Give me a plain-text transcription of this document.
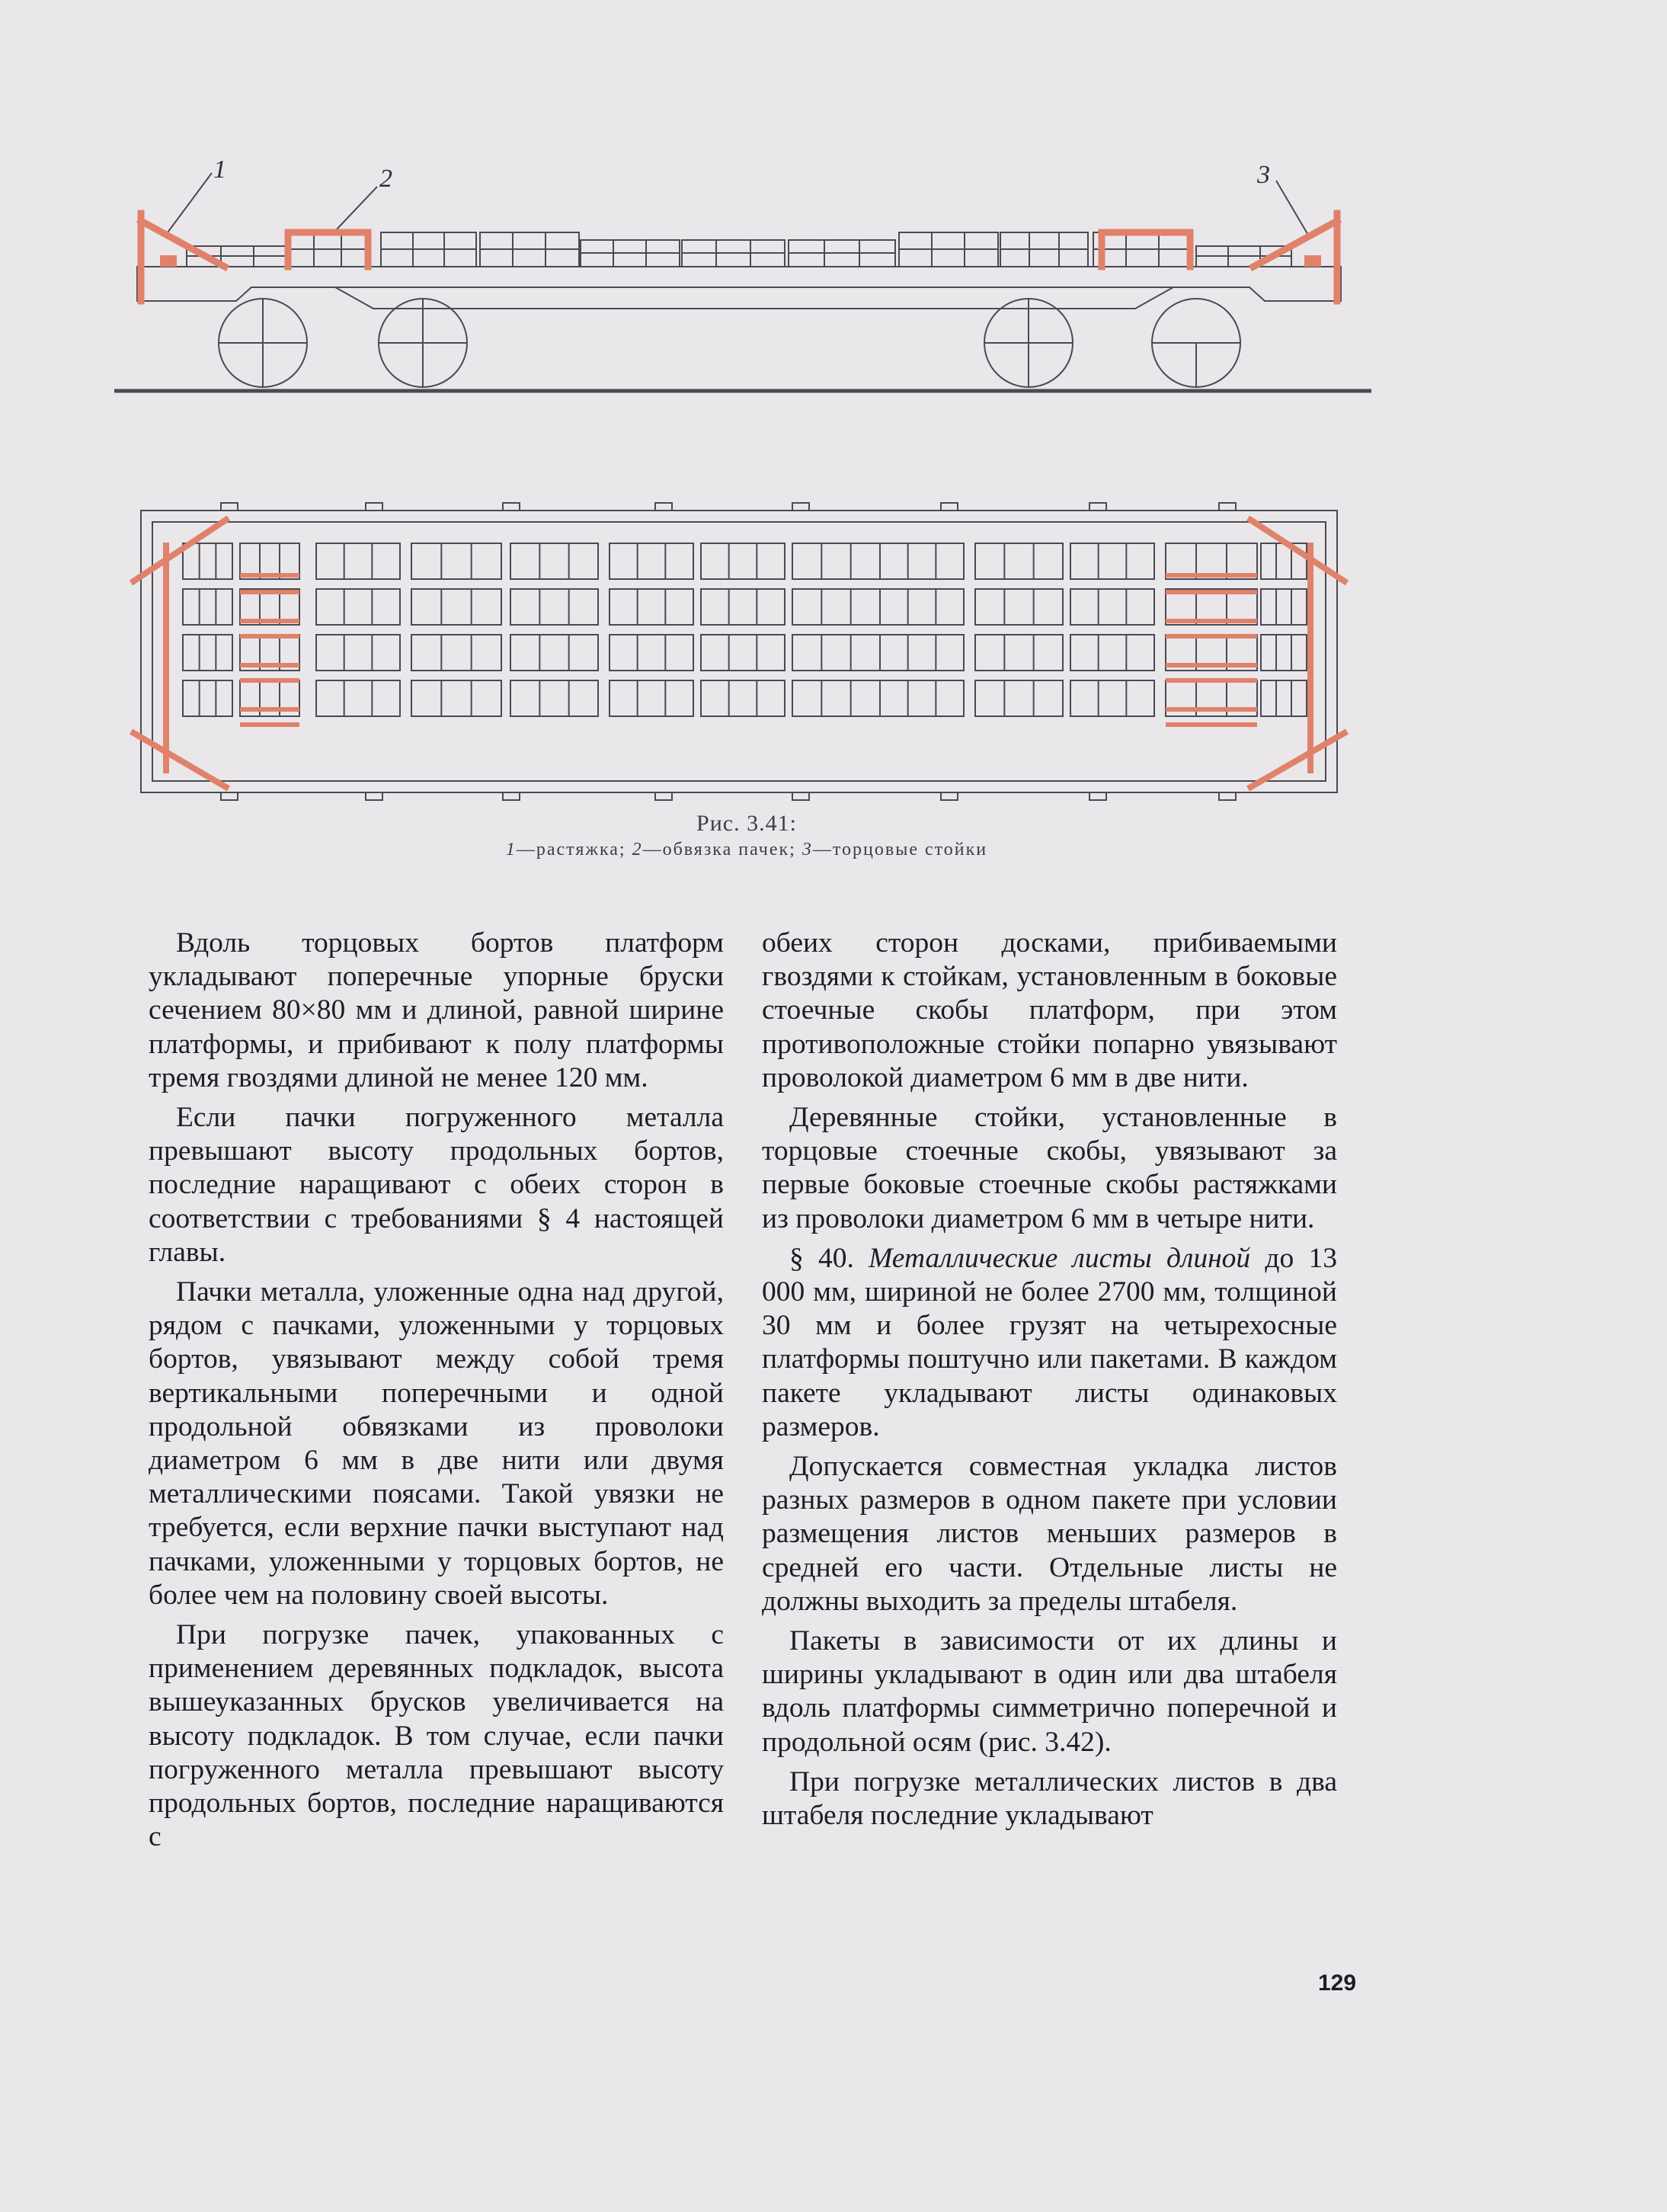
1	2	3
Рис. 3.41:
1—растяжка; 2—обвязка пачек; 3—торцовые стойки

Вдоль торцовых бортов платформ укладывают поперечные упорные бруски сечением 80×80 мм и длиной, равной ширине платформы, и прибивают к полу платформы тремя гвоздями длиной не менее 120 мм.

Если пачки погруженного металла превышают высоту продольных бортов, последние наращивают с обеих сторон в соответствии с требованиями § 4 настоящей главы.

Пачки металла, уложенные одна над другой, рядом с пачками, уложенными у торцовых бортов, увязывают между собой тремя вертикальными поперечными и одной продольной обвязками из проволоки диаметром 6 мм в две нити или двумя металлическими поясами. Такой увязки не требуется, если верхние пачки выступают над пачками, уложенными у торцовых бортов, не более чем на половину своей высоты.

При погрузке пачек, упакованных с применением деревянных подкладок, высота вышеуказанных брусков увеличивается на высоту подкладок. В том случае, если пачки погруженного металла превышают высоту продольных бортов, последние наращиваются с

обеих сторон досками, прибиваемыми гвоздями к стойкам, установленным в боковые стоечные скобы платформ, при этом противоположные стойки попарно увязывают проволокой диаметром 6 мм в две нити.

Деревянные стойки, установленные в торцовые стоечные скобы, увязывают за первые боковые стоечные скобы растяжками из проволоки диаметром 6 мм в четыре нити.

§ 40. Металлические листы длиной до 13 000 мм, шириной не более 2700 мм, толщиной 30 мм и более грузят на четырехосные платформы поштучно или пакетами. В каждом пакете укладывают листы одинаковых размеров.

Допускается совместная укладка листов разных размеров в одном пакете при условии размещения листов меньших размеров в средней его части. Отдельные листы не должны выходить за пределы штабеля.

Пакеты в зависимости от их длины и ширины укладывают в один или два штабеля вдоль платформы симметрично поперечной и продольной осям (рис. 3.42).

При погрузке металлических листов в два штабеля последние укладывают

129
